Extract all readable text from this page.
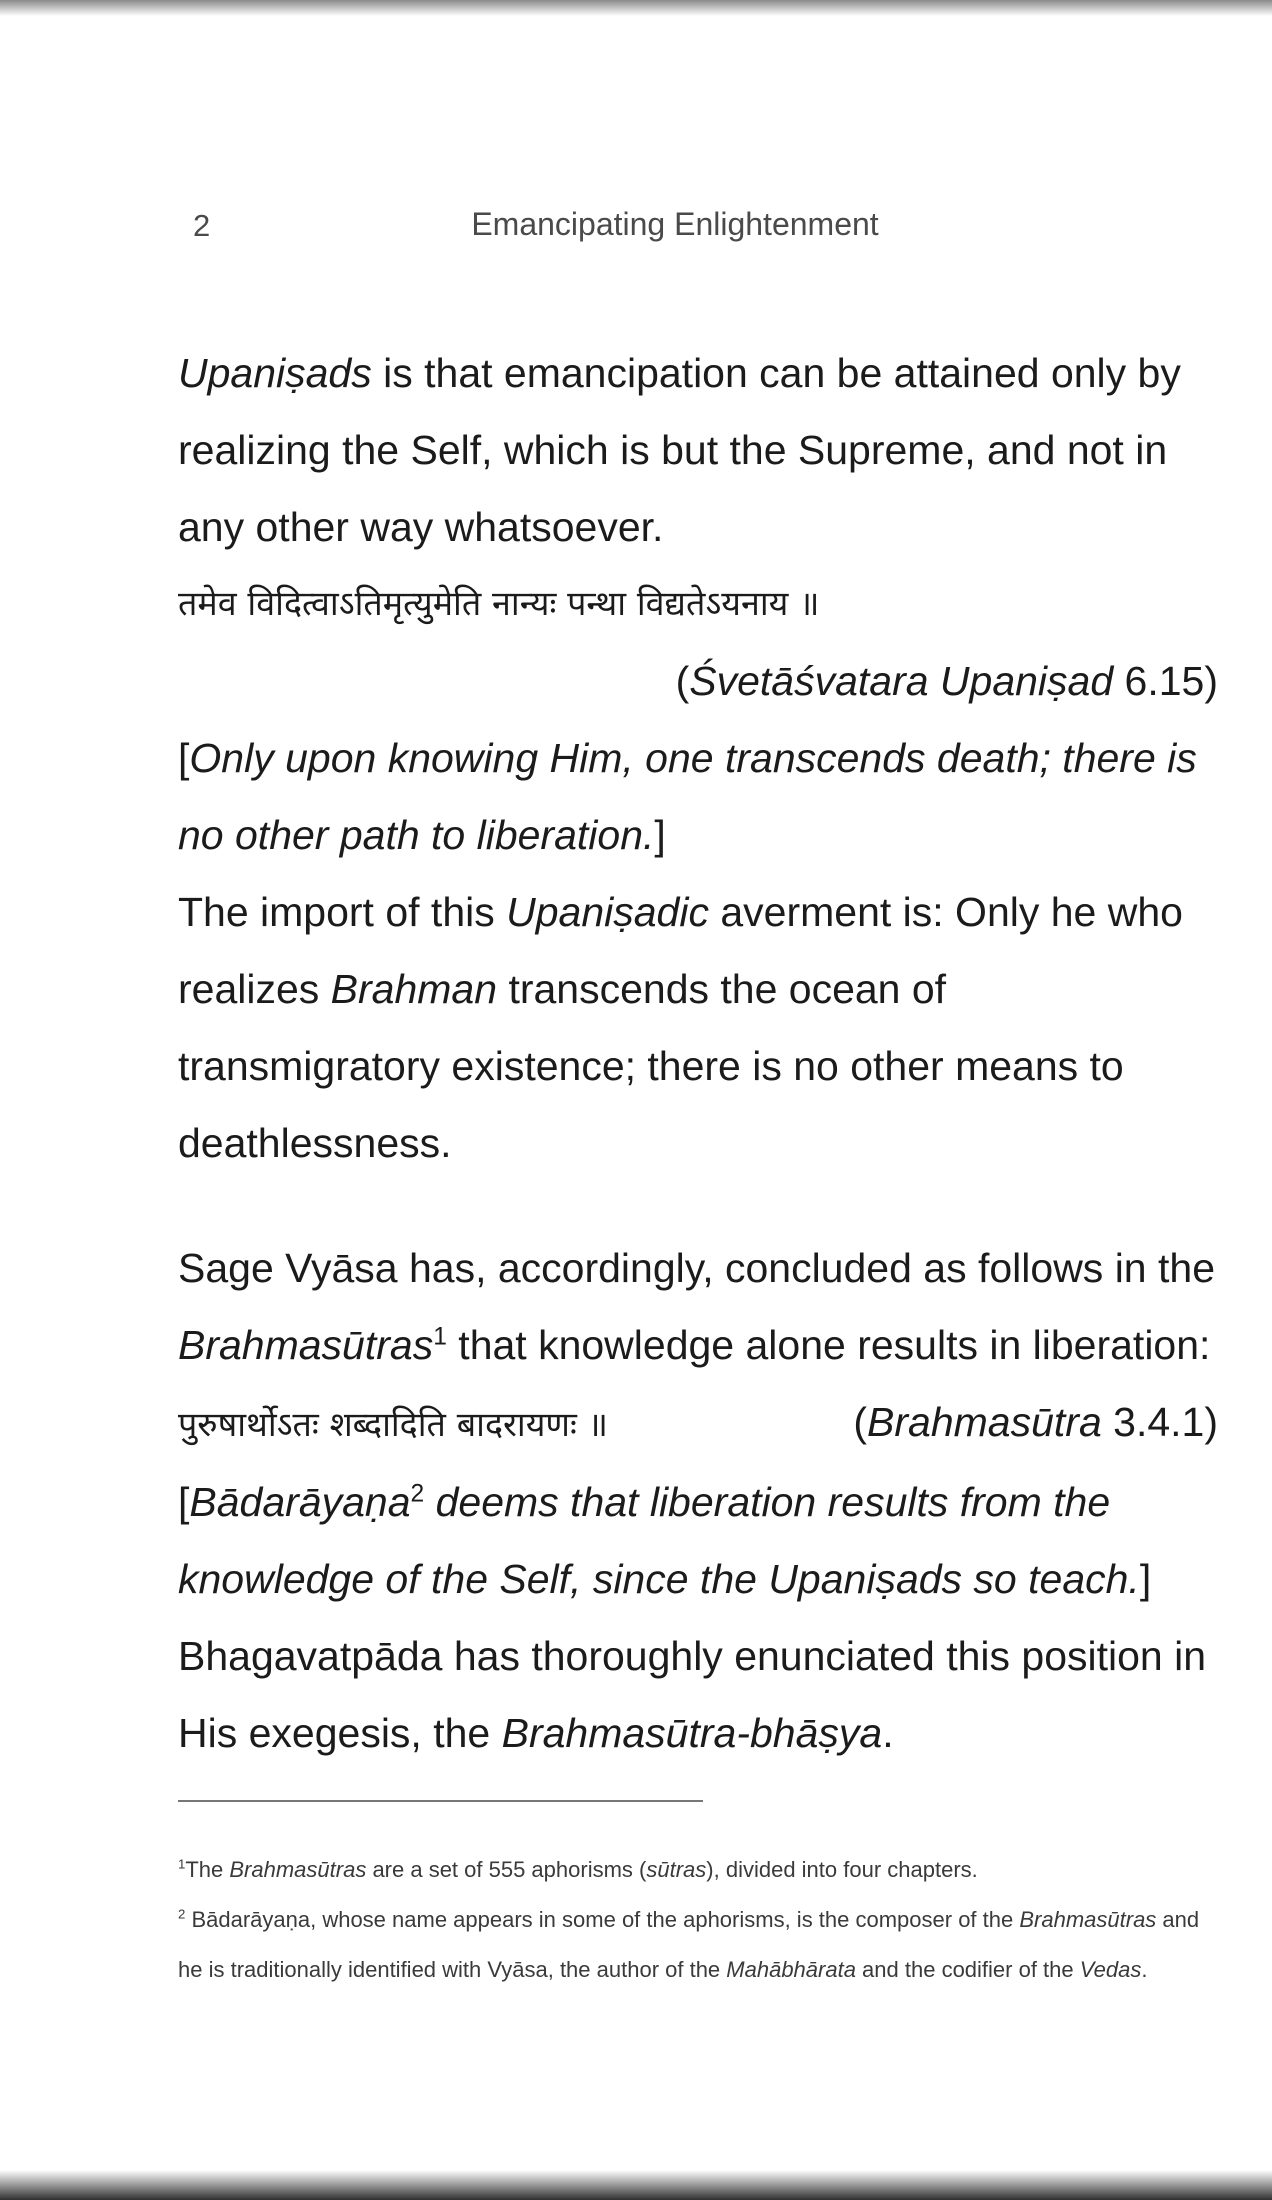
2	Emancipating Enlightenment

Upaniṣads is that emancipation can be attained only by realizing the Self, which is but the Supreme, and not in any other way whatsoever.

तमेव विदित्वाऽतिमृत्युमेति नान्यः पन्था विद्यतेऽयनाय ॥

(Śvetāśvatara Upaniṣad 6.15)

[Only upon knowing Him, one transcends death; there is no other path to liberation.]

The import of this Upaniṣadic averment is: Only he who realizes Brahman transcends the ocean of transmigratory existence; there is no other means to deathlessness.

Sage Vyāsa has, accordingly, concluded as follows in the Brahmasūtras$^1$ that knowledge alone results in liberation:

पुरुषार्थोऽतः शब्दादिति बादरायणः ॥	(Brahmasūtra 3.4.1)

[Bādarāyaṇa$^2$ deems that liberation results from the knowledge of the Self, since the Upaniṣads so teach.]

Bhagavatpāda has thoroughly enunciated this position in His exegesis, the Brahmasūtra-bhāṣya.

$^1$The Brahmasūtras are a set of 555 aphorisms (sūtras), divided into four chapters.

$^2$ Bādarāyaṇa, whose name appears in some of the aphorisms, is the composer of the Brahmasūtras and he is traditionally identified with Vyāsa, the author of the Mahābhārata and the codifier of the Vedas.
